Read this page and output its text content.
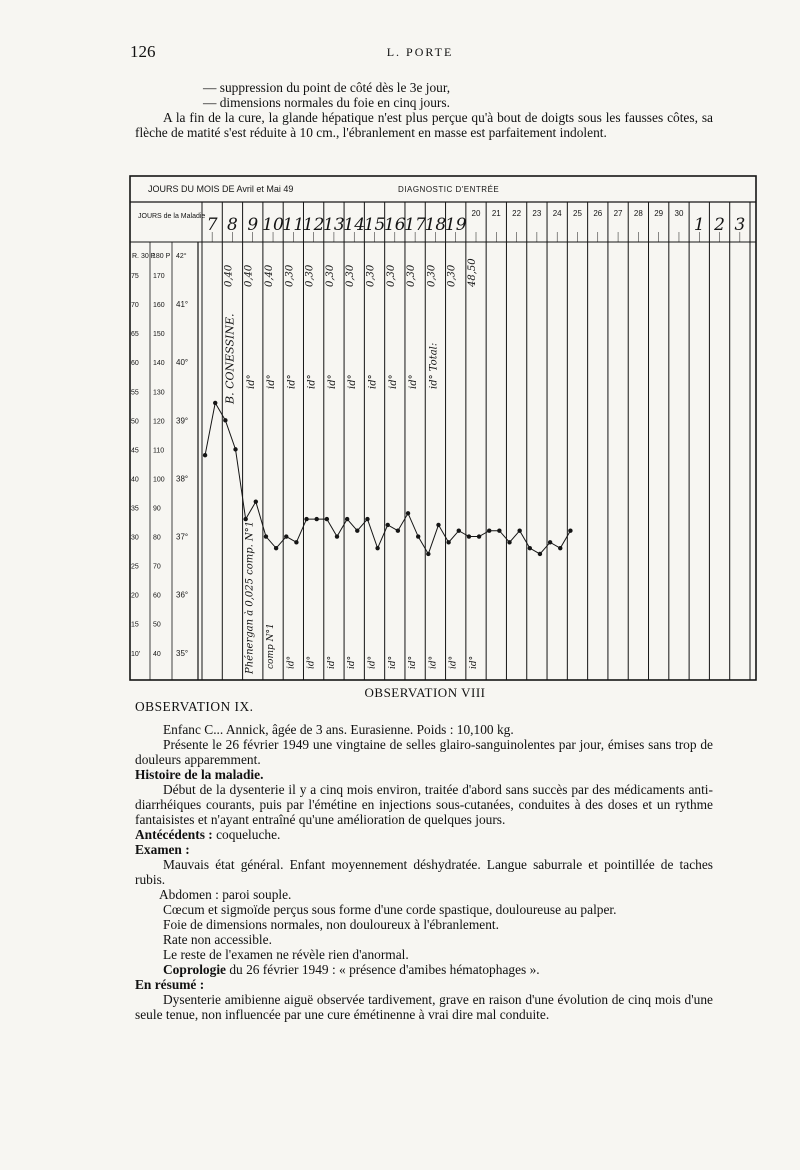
126	L. PORTE
— suppression du point de côté dès le 3e jour,
— dimensions normales du foie en cinq jours.

A la fin de la cure, la glande hépatique n'est plus perçue qu'à bout de doigts sous les fausses côtes, sa flèche de matité s'est réduite à 10 cm., l'ébranlement en masse est parfaitement indolent.

JOURS DU MOIS DE Avril et Mai 49	DIAGNOSTIC D'ENTRÉE
JOURS de la Maladie
R. 30 P
180 P 42°
41°
40°
39°
38°
37°
36°
35°
75 170
70 160
65 150
60 140
55 130
50 120
45 110
40 100
35 90
30 80
25 70
20 60
15 50
10' 40
7 8 9 10
11
12
13
14
15
16
17
18
19
20 21 22 23 24 25 26 27 28 29 30
1 2 3
0,40 0,40 0,40 0,30 0,30 0,30 0,30 0,30 0,30 0,30 0,30 0,30 48,50
B. CONESSINE. id° id° id° id° id° id° id° id° id° id° Total:
Phénergan à 0,025 comp. N°1 comp N°1 id° id° id° id° id° id° id° id° id° id°
OBSERVATION VIII
OBSERVATION IX.

Enfanc C... Annick, âgée de 3 ans. Eurasienne. Poids : 10,100 kg.

Présente le 26 février 1949 une vingtaine de selles glairo-sanguinolentes par jour, émises sans trop de douleurs apparemment.

Histoire de la maladie.

Début de la dysenterie il y a cinq mois environ, traitée d'abord sans succès par des médicaments anti-diarrhéiques courants, puis par l'émétine en injections sous-cutanées, conduites à des doses et un rythme fantaisistes et n'ayant entraîné qu'une amélioration de quelques jours.

Antécédents : coqueluche.

Examen :

Mauvais état général. Enfant moyennement déshydratée. Langue saburrale et pointillée de taches rubis.

Abdomen : paroi souple.

Cœcum et sigmoïde perçus sous forme d'une corde spastique, douloureuse au palper.

Foie de dimensions normales, non douloureux à l'ébranlement.

Rate non accessible.

Le reste de l'examen ne révèle rien d'anormal.

Coprologie du 26 février 1949 : « présence d'amibes hématophages ».

En résumé :

Dysenterie amibienne aiguë observée tardivement, grave en raison d'une évolution de cinq mois d'une seule tenue, non influencée par une cure émétinenne à vrai dire mal conduite.
